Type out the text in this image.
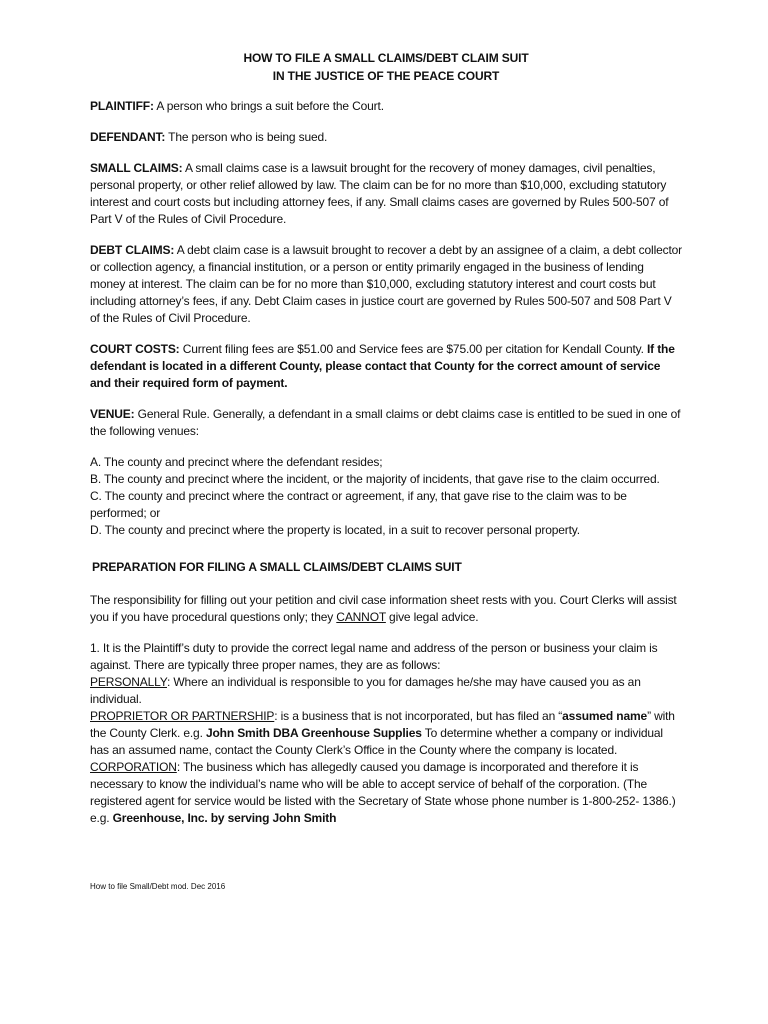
HOW TO FILE A SMALL CLAIMS/DEBT CLAIM SUIT
IN THE JUSTICE OF THE PEACE COURT

PLAINTIFF: A person who brings a suit before the Court.

DEFENDANT: The person who is being sued.

SMALL CLAIMS: A small claims case is a lawsuit brought for the recovery of money damages, civil penalties, personal property, or other relief allowed by law. The claim can be for no more than $10,000, excluding statutory interest and court costs but including attorney fees, if any. Small claims cases are governed by Rules 500-507 of Part V of the Rules of Civil Procedure.

DEBT CLAIMS: A debt claim case is a lawsuit brought to recover a debt by an assignee of a claim, a debt collector or collection agency, a financial institution, or a person or entity primarily engaged in the business of lending money at interest. The claim can be for no more than $10,000, excluding statutory interest and court costs but including attorney’s fees, if any. Debt Claim cases in justice court are governed by Rules 500-507 and 508 Part V of the Rules of Civil Procedure.

COURT COSTS: Current filing fees are $51.00 and Service fees are $75.00 per citation for Kendall County. If the defendant is located in a different County, please contact that County for the correct amount of service and their required form of payment.

VENUE: General Rule. Generally, a defendant in a small claims or debt claims case is entitled to be sued in one of the following venues:

A. The county and precinct where the defendant resides;
B. The county and precinct where the incident, or the majority of incidents, that gave rise to the claim occurred.
C. The county and precinct where the contract or agreement, if any, that gave rise to the claim was to be performed; or
D. The county and precinct where the property is located, in a suit to recover personal property.
PREPARATION FOR FILING A SMALL CLAIMS/DEBT CLAIMS SUIT

The responsibility for filling out your petition and civil case information sheet rests with you. Court Clerks will assist you if you have procedural questions only; they CANNOT give legal advice.

1. It is the Plaintiff’s duty to provide the correct legal name and address of the person or business your claim is against. There are typically three proper names, they are as follows:
PERSONALLY: Where an individual is responsible to you for damages he/she may have caused you as an individual.
PROPRIETOR OR PARTNERSHIP: is a business that is not incorporated, but has filed an “assumed name” with the County Clerk. e.g. John Smith DBA Greenhouse Supplies To determine whether a company or individual has an assumed name, contact the County Clerk’s Office in the County where the company is located.
CORPORATION: The business which has allegedly caused you damage is incorporated and therefore it is necessary to know the individual’s name who will be able to accept service of behalf of the corporation. (The registered agent for service would be listed with the Secretary of State whose phone number is 1-800-252- 1386.) e.g. Greenhouse, Inc. by serving John Smith
How to file Small/Debt mod. Dec 2016
